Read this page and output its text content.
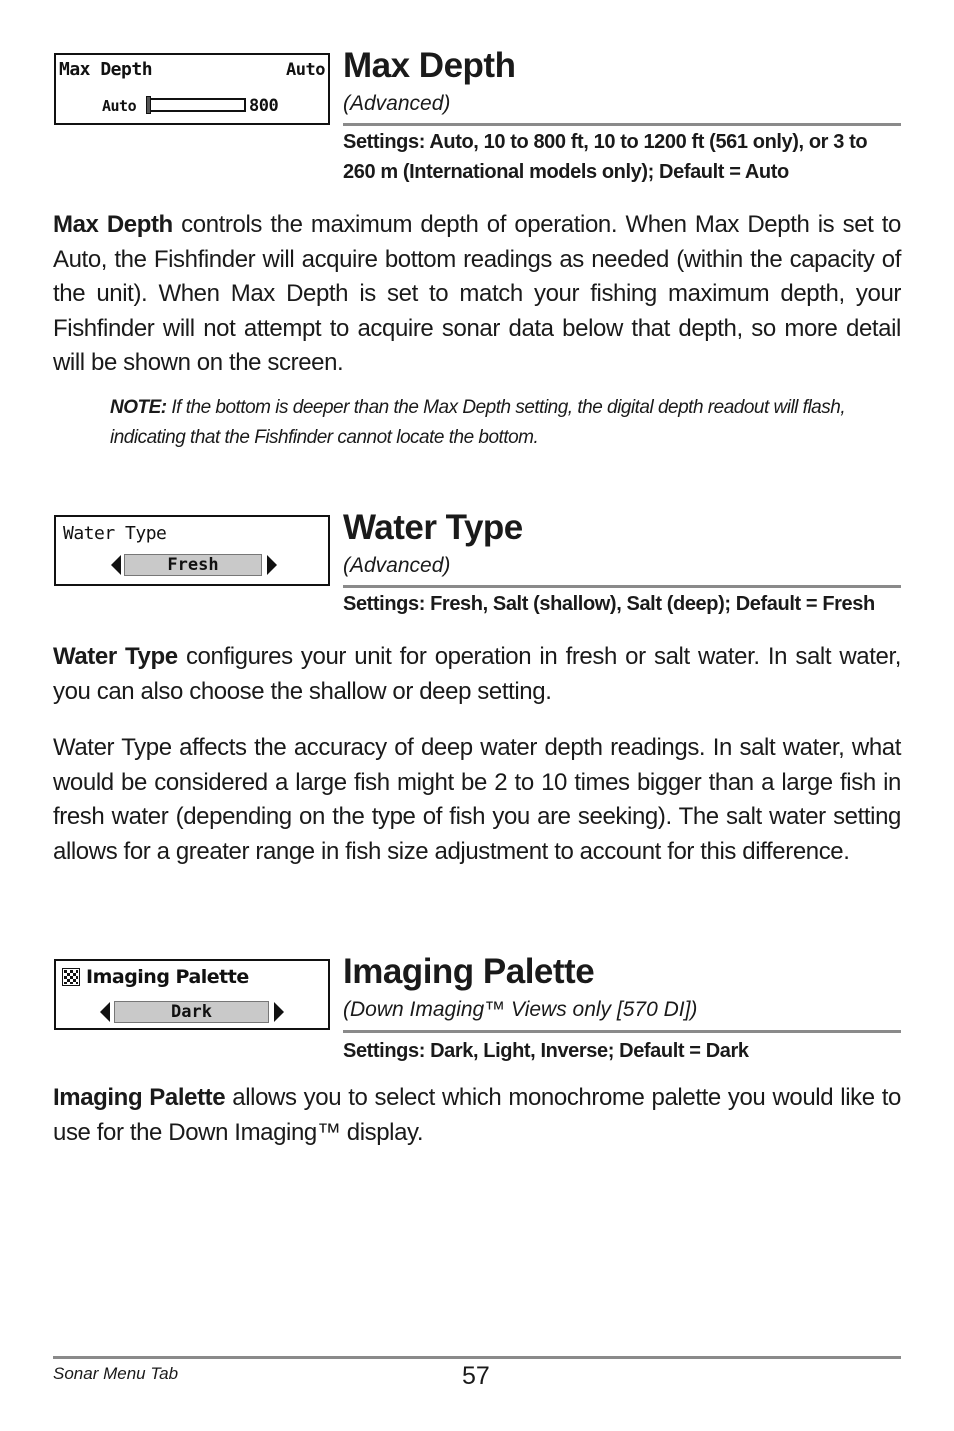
Max Depth	Auto
Auto	800
Max Depth
(Advanced)
Settings: Auto, 10 to 800 ft, 10 to 1200 ft (561 only), or 3 to 260 m (International models only); Default = Auto
Max Depth controls the maximum depth of operation. When Max Depth is set to Auto, the Fishfinder will acquire bottom readings as needed (within the capacity of the unit). When Max Depth is set to match your fishing maximum depth, your Fishfinder will not attempt to acquire sonar data below that depth, so more detail will be shown on the screen.
NOTE: If the bottom is deeper than the Max Depth setting, the digital depth readout will flash, indicating that the Fishfinder cannot locate the bottom.
Water Type
Fresh
Water Type
(Advanced)
Settings: Fresh, Salt (shallow), Salt (deep); Default = Fresh
Water Type configures your unit for operation in fresh or salt water. In salt water, you can also choose the shallow or deep setting.
Water Type affects the accuracy of deep water depth readings. In salt water, what would be considered a large fish might be 2 to 10 times bigger than a large fish in fresh water (depending on the type of fish you are seeking). The salt water setting allows for a greater range in fish size adjustment to account for this difference.
Imaging Palette
Dark
Imaging Palette
(Down Imaging™ Views only [570 DI])
Settings: Dark, Light, Inverse; Default = Dark
Imaging Palette allows you to select which monochrome palette you would like to use for the Down Imaging™ display.
Sonar Menu Tab	57
